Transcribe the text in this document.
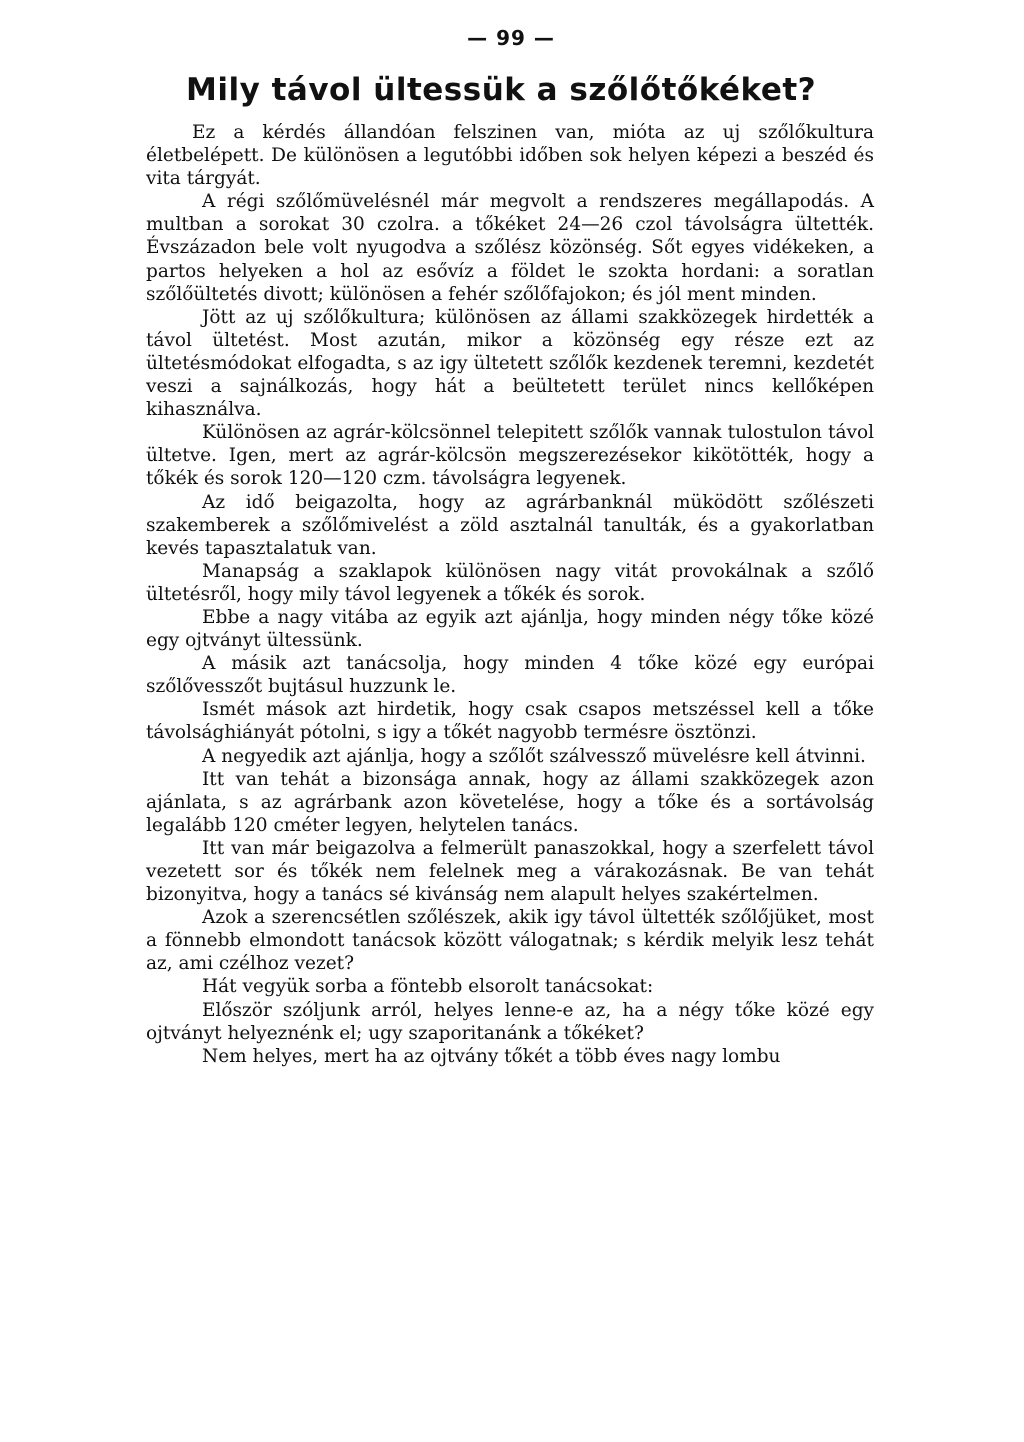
— 99 —
Mily távol ültessük a szőlőtőkéket?

Ez a kérdés állandóan felszinen van, mióta az uj szőlőkultura életbelépett. De különösen a legutóbbi időben sok helyen képezi a beszéd és vita tárgyát.

A régi szőlőmüvelésnél már megvolt a rendszeres megállapodás. A multban a sorokat 30 czolra. a tőkéket 24—26 czol távolságra ültették. Évszázadon bele volt nyugodva a szőlész közönség. Sőt egyes vidékeken, a partos helyeken a hol az esővíz a földet le szokta hordani: a soratlan szőlőültetés divott; különösen a fehér szőlőfajokon; és jól ment minden.

Jött az uj szőlőkultura; különösen az állami szakközegek hirdették a távol ültetést. Most azután, mikor a közönség egy része ezt az ültetésmódokat elfogadta, s az igy ültetett szőlők kezdenek teremni, kezdetét veszi a sajnálkozás, hogy hát a beültetett terület nincs kellőképen kihasználva.

Különösen az agrár-kölcsönnel telepitett szőlők vannak tulostulon távol ültetve. Igen, mert az agrár-kölcsön megszerezésekor kikötötték, hogy a tőkék és sorok 120—120 czm. távolságra legyenek.

Az idő beigazolta, hogy az agrárbanknál müködött szőlészeti szakemberek a szőlőmivelést a zöld asztalnál tanulták, és a gyakorlatban kevés tapasztalatuk van.

Manapság a szaklapok különösen nagy vitát provokálnak a szőlő ültetésről, hogy mily távol legyenek a tőkék és sorok.

Ebbe a nagy vitába az egyik azt ajánlja, hogy minden négy tőke közé egy ojtványt ültessünk.

A másik azt tanácsolja, hogy minden 4 tőke közé egy európai szőlővesszőt bujtásul huzzunk le.

Ismét mások azt hirdetik, hogy csak csapos metszéssel kell a tőke távolsághiányát pótolni, s igy a tőkét nagyobb termésre ösztönzi.

A negyedik azt ajánlja, hogy a szőlőt szálvessző müvelésre kell átvinni.

Itt van tehát a bizonsága annak, hogy az állami szakközegek azon ajánlata, s az agrárbank azon követelése, hogy a tőke és a sortávolság legalább 120 cméter legyen, helytelen tanács.

Itt van már beigazolva a felmerült panaszokkal, hogy a szerfelett távol vezetett sor és tőkék nem felelnek meg a várakozásnak. Be van tehát bizonyitva, hogy a tanács sé kivánság nem alapult helyes szakértelmen.

Azok a szerencsétlen szőlészek, akik igy távol ültették szőlőjüket, most a fönnebb elmondott tanácsok között válogatnak; s kérdik melyik lesz tehát az, ami czélhoz vezet?

Hát vegyük sorba a föntebb elsorolt tanácsokat:

Először szóljunk arról, helyes lenne-e az, ha a négy tőke közé egy ojtványt helyeznénk el; ugy szaporitanánk a tőkéket?

Nem helyes, mert ha az ojtvány tőkét a több éves nagy lombu
